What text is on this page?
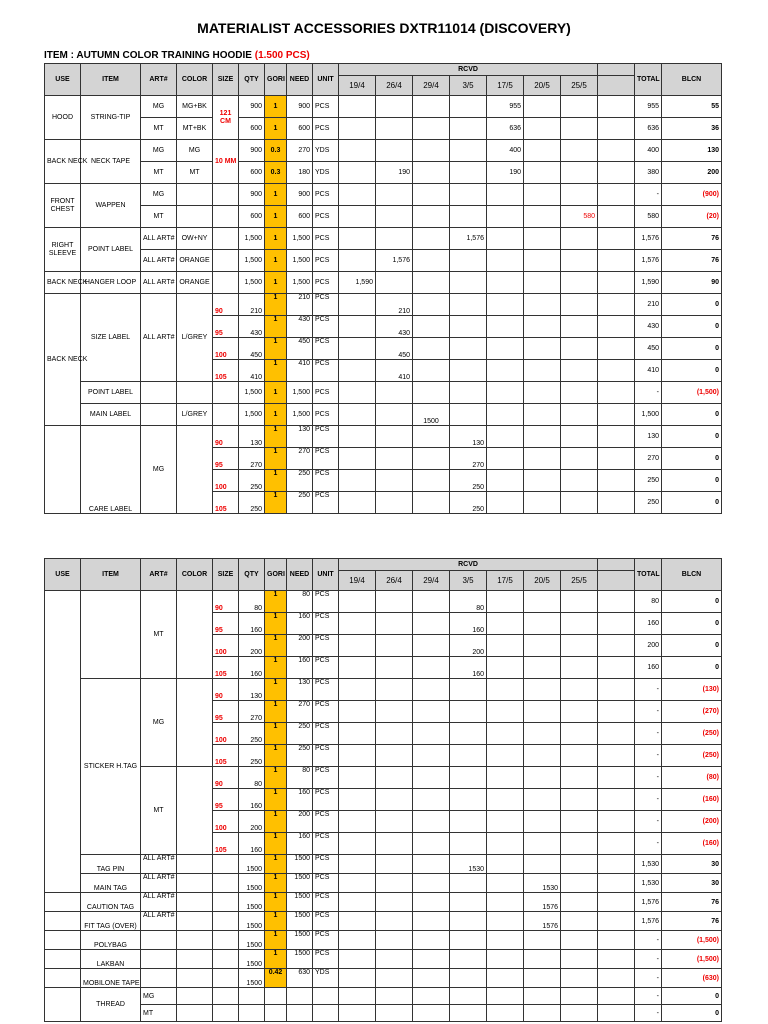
MATERIALIST ACCESSORIES DXTR11014 (DISCOVERY)
ITEM : AUTUMN COLOR TRAINING HOODIE (1.500 PCS)
USE	ITEM	ART#	COLOR	SIZE	QTY	GORI	NEED	UNIT	RCVD								TOTAL	BLCN
									19/4	26/4	29/4	3/5	17/5	20/5	25/5			
HOOD	STRING-TIP	MG	MG+BK	121 CM	900	1	900	PCS					955				955	55
		MT	MT+BK		600	1	600	PCS					636				636	36
BACK NECK	NECK TAPE	MG	MG	10 MM	900	0.3	270	YDS					400				400	130
		MT	MT		600	0.3	180	YDS		190			190				380	200
FRONT CHEST	WAPPEN	MG			900	1	900	PCS									-	(900)
		MT			600	1	600	PCS							580		580	(20)
RIGHT SLEEVE	POINT LABEL	ALL ART#	OW+NY		1,500	1	1,500	PCS				1,576					1,576	76
		ALL ART#	ORANGE		1,500	1	1,500	PCS		1,576							1,576	76
BACK NECK	HANGER LOOP	ALL ART#	ORANGE		1,500	1	1,500	PCS	1,590								1,590	90
BACK NECK	SIZE LABEL	ALL ART#	L/GREY	90	210	1	210	PCS		210							210	0
				95	430	1	430	PCS		430							430	0
				100	450	1	450	PCS		450							450	0
				105	410	1	410	PCS		410							410	0
	POINT LABEL				1,500	1	1,500	PCS									-	(1,500)
	MAIN LABEL		L/GREY		1,500	1	1,500	PCS			1500						1,500	0
	CARE LABEL	MG		90	130	1	130	PCS				130					130	0
				95	270	1	270	PCS				270					270	0
				100	250	1	250	PCS				250					250	0
				105	250	1	250	PCS				250					250	0
USE	ITEM	ART#	COLOR	SIZE	QTY	GORI	NEED	UNIT	RCVD								TOTAL	BLCN
									19/4	26/4	29/4	3/5	17/5	20/5	25/5			
		MT		90	80	1	80	PCS				80					80	0
				95	160	1	160	PCS				160					160	0
				100	200	1	200	PCS				200					200	0
				105	160	1	160	PCS				160					160	0
	STICKER H.TAG	MG		90	130	1	130	PCS									-	(130)
				95	270	1	270	PCS									-	(270)
				100	250	1	250	PCS									-	(250)
				105	250	1	250	PCS									-	(250)
		MT		90	80	1	80	PCS									-	(80)
				95	160	1	160	PCS									-	(160)
				100	200	1	200	PCS									-	(200)
				105	160	1	160	PCS									-	(160)
	TAG PIN	ALL ART#			1500	1	1500	PCS				1530					1,530	30
	MAIN TAG	ALL ART#			1500	1	1500	PCS						1530			1,530	30
	CAUTION TAG	ALL ART#			1500	1	1500	PCS						1576			1,576	76
	FIT TAG (OVER)	ALL ART#			1500	1	1500	PCS						1576			1,576	76
	POLYBAG				1500	1	1500	PCS									-	(1,500)
	LAKBAN				1500	1	1500	PCS									-	(1,500)
	MOBILONE TAPE				1500	0.42	630	YDS									-	(630)
	THREAD	MG															-	0
		MT															-	0
